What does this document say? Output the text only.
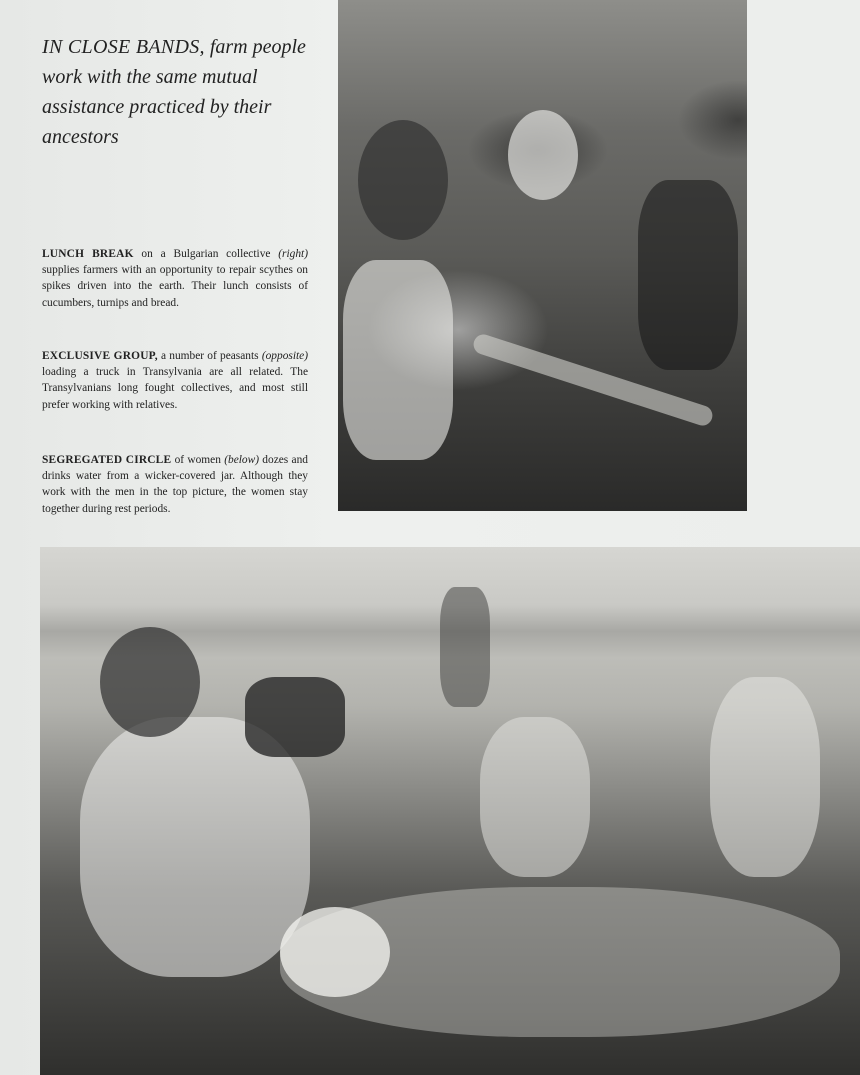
IN CLOSE BANDS, farm people work with the same mutual assistance practiced by their ancestors

LUNCH BREAK on a Bulgarian collective (right) supplies farmers with an opportunity to repair scythes on spikes driven into the earth. Their lunch consists of cucumbers, turnips and bread.

EXCLUSIVE GROUP, a number of peasants (opposite) loading a truck in Transylvania are all related. The Transylvanians long fought collectives, and most still prefer working with relatives.

SEGREGATED CIRCLE of women (below) dozes and drinks water from a wicker-covered jar. Although they work with the men in the top picture, the women stay together during rest periods.
